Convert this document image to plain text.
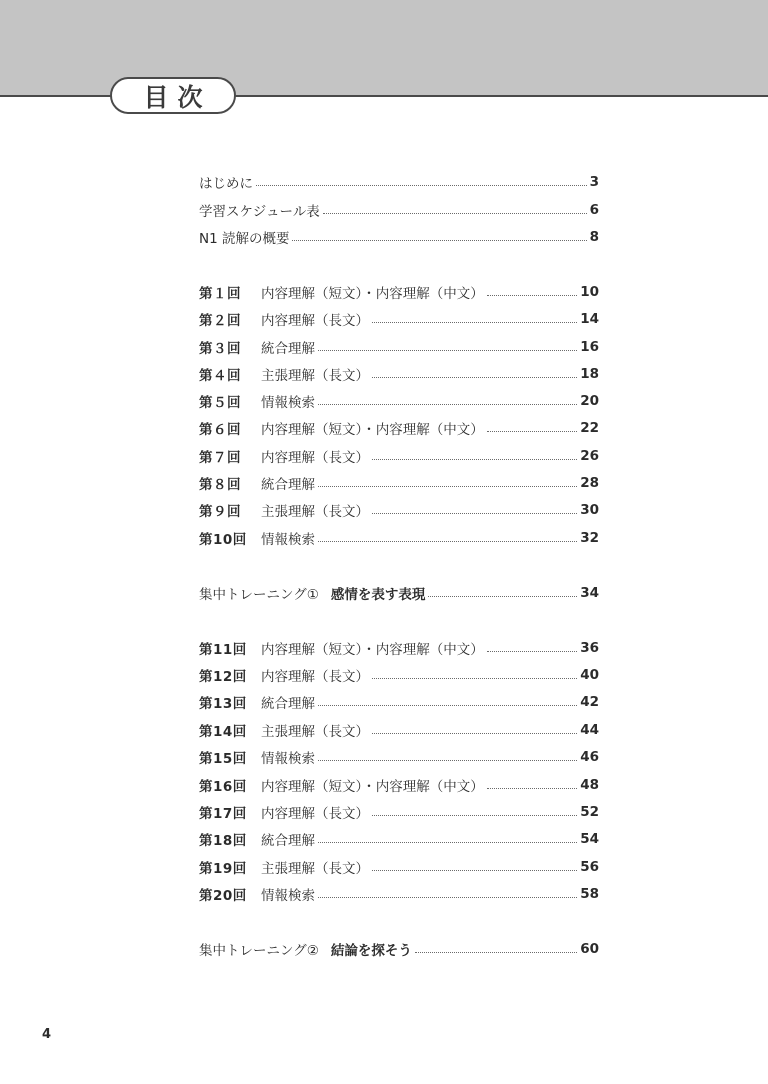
目次
はじめに	3
学習スケジュール表	6
N1 読解の概要	8
第１回	内容理解（短文）・内容理解（中文）	10
第２回	内容理解（長文）	14
第３回	統合理解	16
第４回	主張理解（長文）	18
第５回	情報検索	20
第６回	内容理解（短文）・内容理解（中文）	22
第７回	内容理解（長文）	26
第８回	統合理解	28
第９回	主張理解（長文）	30
第10回	情報検索	32
集中トレーニング① 感情を表す表現	34
第11回	内容理解（短文）・内容理解（中文）	36
第12回	内容理解（長文）	40
第13回	統合理解	42
第14回	主張理解（長文）	44
第15回	情報検索	46
第16回	内容理解（短文）・内容理解（中文）	48
第17回	内容理解（長文）	52
第18回	統合理解	54
第19回	主張理解（長文）	56
第20回	情報検索	58
集中トレーニング② 結論を探そう	60
4
